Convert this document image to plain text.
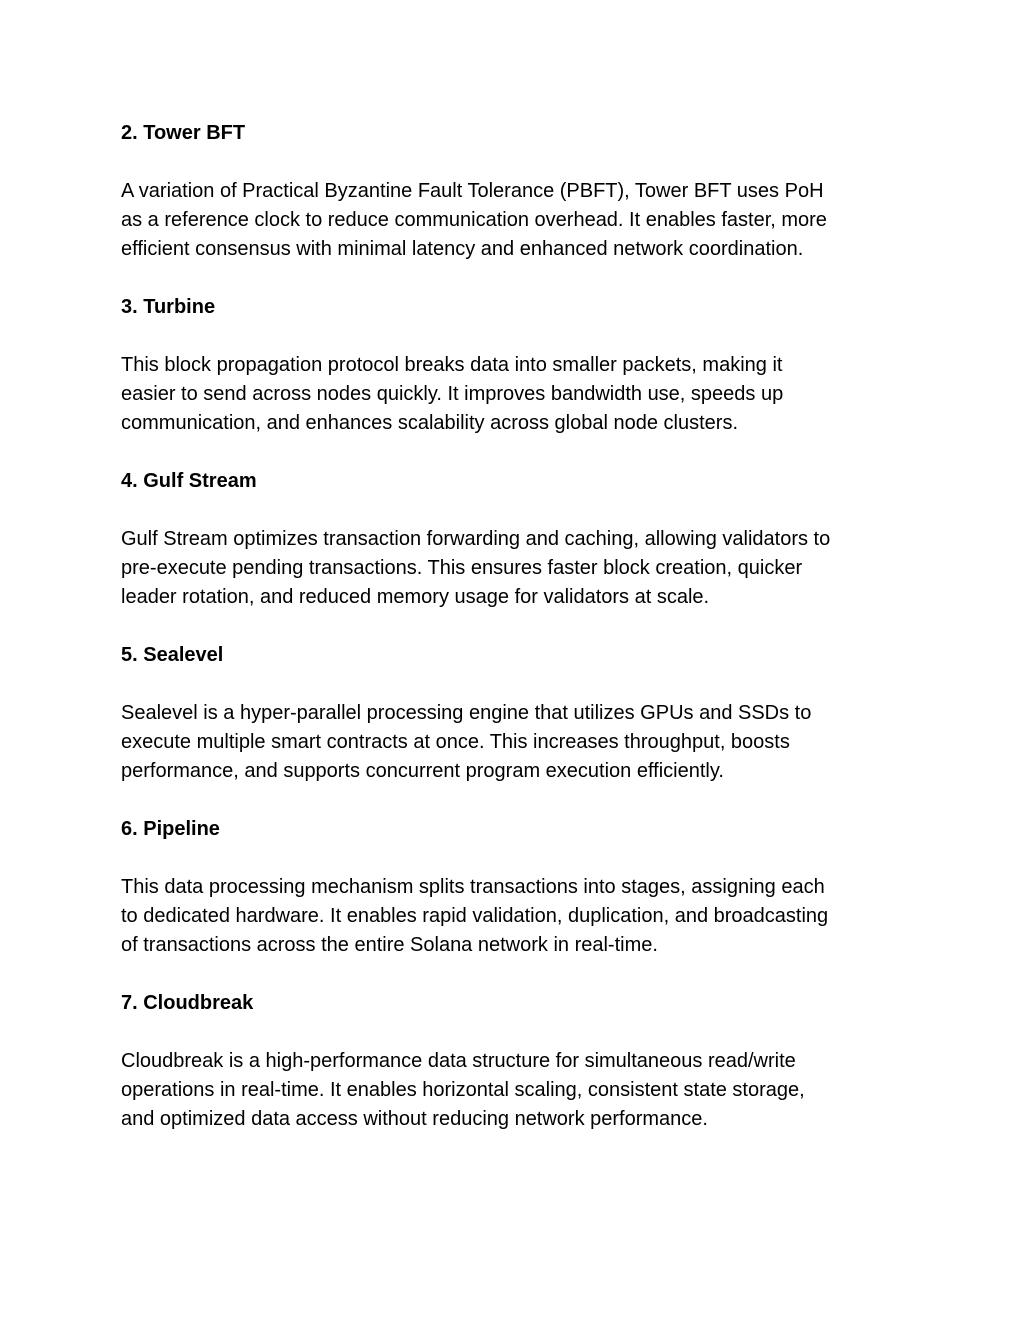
2. Tower BFT

A variation of Practical Byzantine Fault Tolerance (PBFT), Tower BFT uses PoH
as a reference clock to reduce communication overhead. It enables faster, more
efficient consensus with minimal latency and enhanced network coordination.

3. Turbine

This block propagation protocol breaks data into smaller packets, making it
easier to send across nodes quickly. It improves bandwidth use, speeds up
communication, and enhances scalability across global node clusters.

4. Gulf Stream

Gulf Stream optimizes transaction forwarding and caching, allowing validators to
pre-execute pending transactions. This ensures faster block creation, quicker
leader rotation, and reduced memory usage for validators at scale.

5. Sealevel

Sealevel is a hyper-parallel processing engine that utilizes GPUs and SSDs to
execute multiple smart contracts at once. This increases throughput, boosts
performance, and supports concurrent program execution efficiently.

6. Pipeline

This data processing mechanism splits transactions into stages, assigning each
to dedicated hardware. It enables rapid validation, duplication, and broadcasting
of transactions across the entire Solana network in real-time.

7. Cloudbreak

Cloudbreak is a high-performance data structure for simultaneous read/write
operations in real-time. It enables horizontal scaling, consistent state storage,
and optimized data access without reducing network performance.
